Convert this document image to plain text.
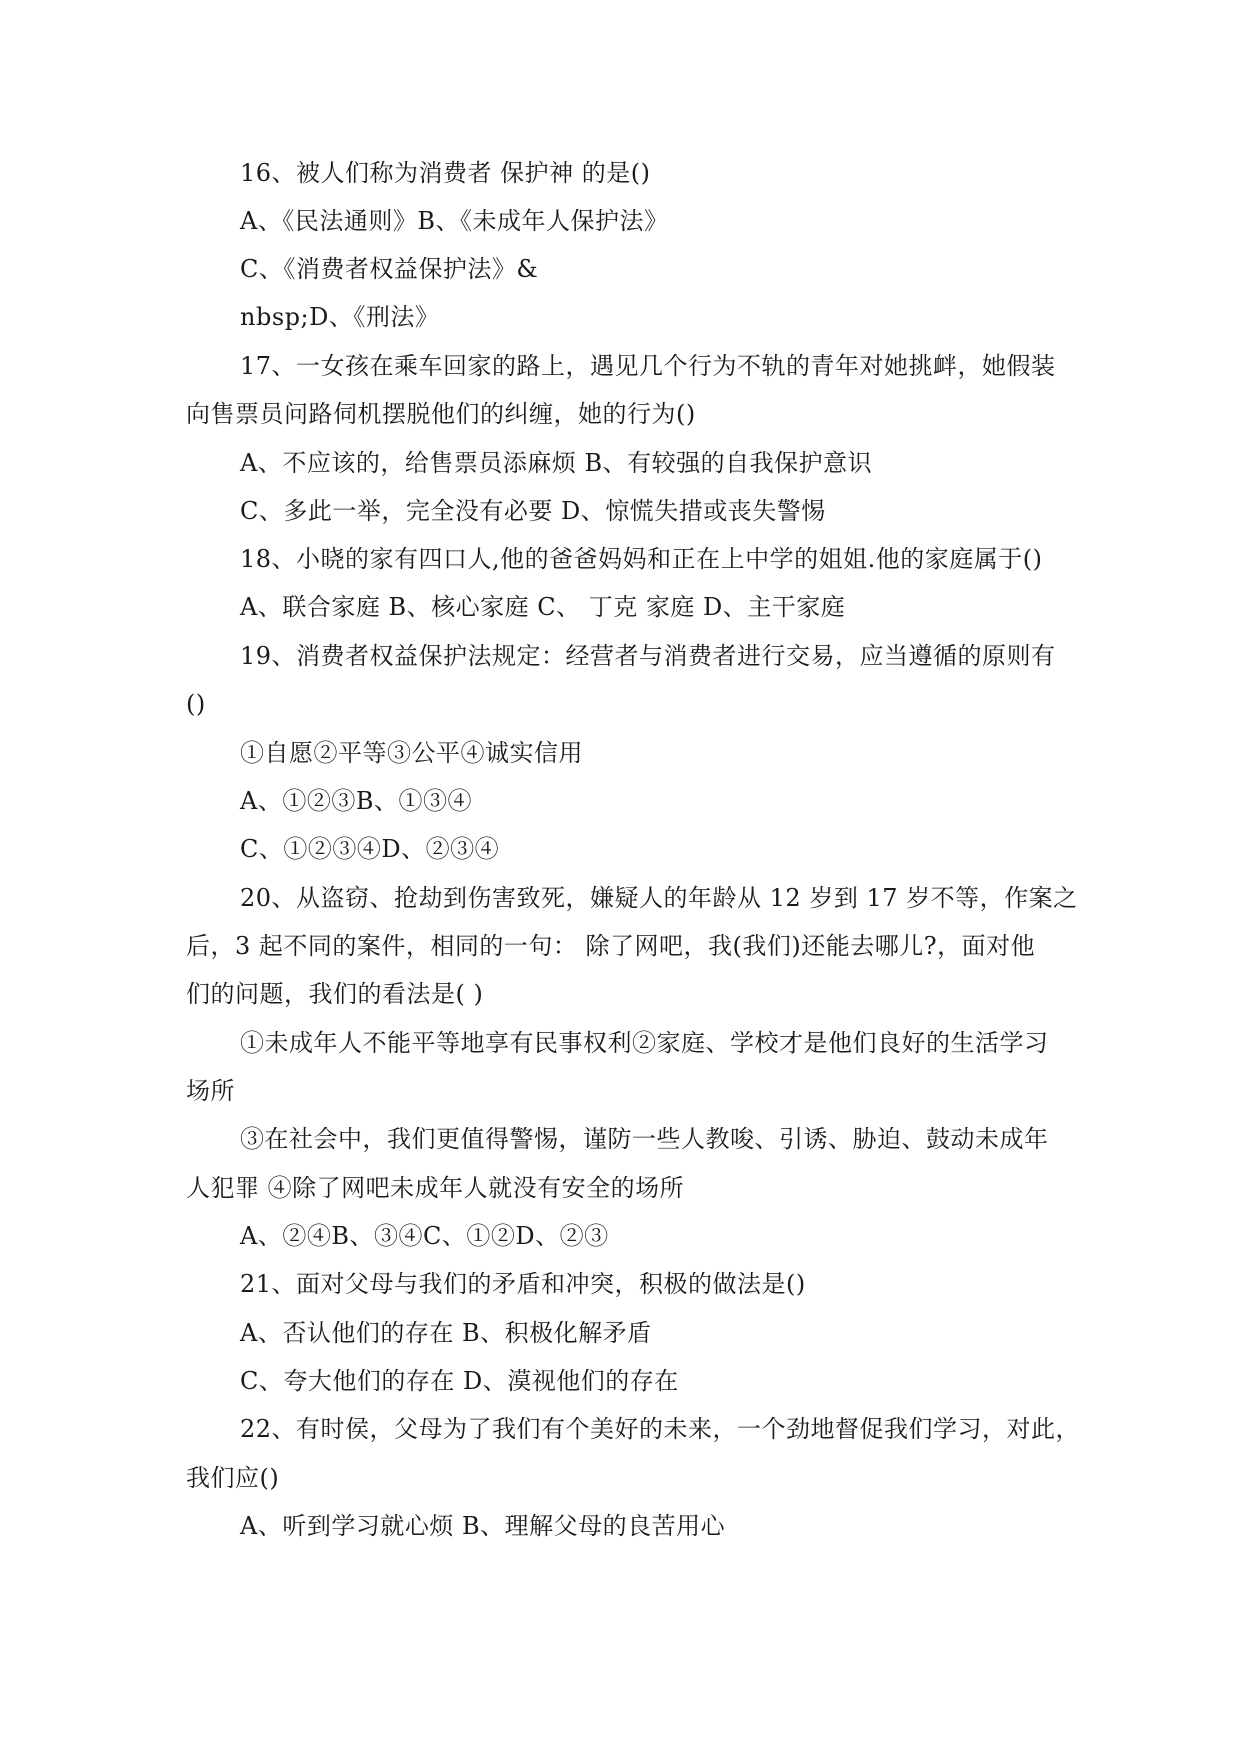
16、被人们称为消费者 保护神 的是()
A、《民法通则》B、《未成年人保护法》
C、《消费者权益保护法》&
nbsp;D、《刑法》
17、一女孩在乘车回家的路上，遇见几个行为不轨的青年对她挑衅，她假装
向售票员问路伺机摆脱他们的纠缠，她的行为()
A、不应该的，给售票员添麻烦 B、有较强的自我保护意识
C、多此一举，完全没有必要 D、惊慌失措或丧失警惕
18、小晓的家有四口人,他的爸爸妈妈和正在上中学的姐姐.他的家庭属于()
A、联合家庭 B、核心家庭 C、 丁克 家庭 D、主干家庭
19、消费者权益保护法规定：经营者与消费者进行交易，应当遵循的原则有
()
①自愿②平等③公平④诚实信用
A、①②③B、①③④
C、①②③④D、②③④
20、从盗窃、抢劫到伤害致死，嫌疑人的年龄从 12 岁到 17 岁不等，作案之
后，3 起不同的案件，相同的一句： 除了网吧，我(我们)还能去哪儿?，面对他
们的问题，我们的看法是( )
①未成年人不能平等地享有民事权利②家庭、学校才是他们良好的生活学习
场所
③在社会中，我们更值得警惕，谨防一些人教唆、引诱、胁迫、鼓动未成年
人犯罪 ④除了网吧未成年人就没有安全的场所
A、②④B、③④C、①②D、②③
21、面对父母与我们的矛盾和冲突，积极的做法是()
A、否认他们的存在 B、积极化解矛盾
C、夸大他们的存在 D、漠视他们的存在
22、有时侯，父母为了我们有个美好的未来，一个劲地督促我们学习，对此，
我们应()
A、听到学习就心烦 B、理解父母的良苦用心
